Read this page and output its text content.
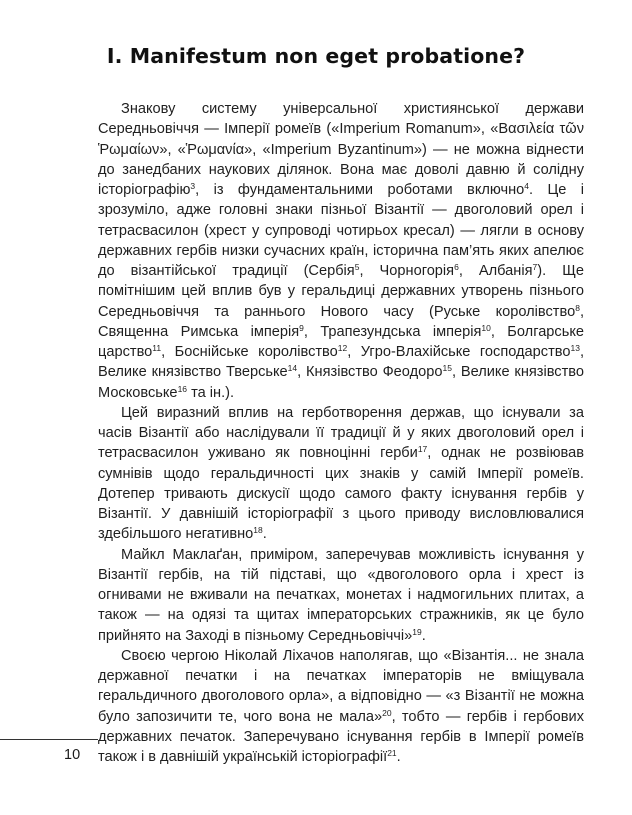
I. Manifestum non eget probatione?

Знакову систему універсальної християнської держави Середньовіччя — Імперії ромеїв («Imperium Romanum», «Βασιλεία τῶν Ῥωμαίων», «Ῥωμανία», «Imperium Byzantinum») — не можна віднести до занедбаних наукових ділянок. Вона має доволі давню й солідну історіографію$^3$, із фундаментальними роботами включно$^4$. Це і зрозуміло, адже головні знаки пізньої Візантії — двоголовий орел і тетрасвасилон (хрест у супроводі чотирьох кресал) — лягли в основу державних гербів низки сучасних країн, історична пам’ять яких апелює до візантійської традиції (Сербія$^5$, Чорногорія$^6$, Албанія$^7$). Ще помітнішим цей вплив був у геральдиці державних утворень пізнього Середньовіччя та раннього Нового часу (Руське королівство$^8$, Священна Римська імперія$^9$, Трапезундська імперія$^{10}$, Болгарське царство$^{11}$, Боснійське королівство$^{12}$, Угро-Влахійське господарство$^{13}$, Велике князівство Тверське$^{14}$, Князівство Феодоро$^{15}$, Велике князівство Московське$^{16}$ та ін.).

Цей виразний вплив на герботворення держав, що існували за часів Візантії або наслідували її традиції й у яких двоголовий орел і тетрасвасилон уживано як повноцінні герби$^{17}$, однак не розвіював сумнівів щодо геральдичності цих знаків у самій Імперії ромеїв. Дотепер тривають дискусії щодо самого факту існування гербів у Візантії. У давнішій історіографії з цього приводу висловлювалися здебільшого негативно$^{18}$.

Майкл Маклаґан, приміром, заперечував можливість існування у Візантії гербів, на тій підставі, що «двоголового орла і хрест із огнивами не вживали на печатках, монетах і надмогильних плитах, а також — на одязі та щитах імператорських стражників, як це було прийнято на Заході в пізньому Середньовіччі»$^{19}$.

Своєю чергою Ніколай Ліхачов наполягав, що «Візантія... не знала державної печатки і на печатках імператорів не вміщувала геральдичного двоголового орла», а відповідно — «з Візантії не можна було запозичити те, чого вона не мала»$^{20}$, тобто — гербів і гербових державних печаток. Заперечувано існування гербів в Імперії ромеїв також і в давнішій українській історіографії$^{21}$.

10
